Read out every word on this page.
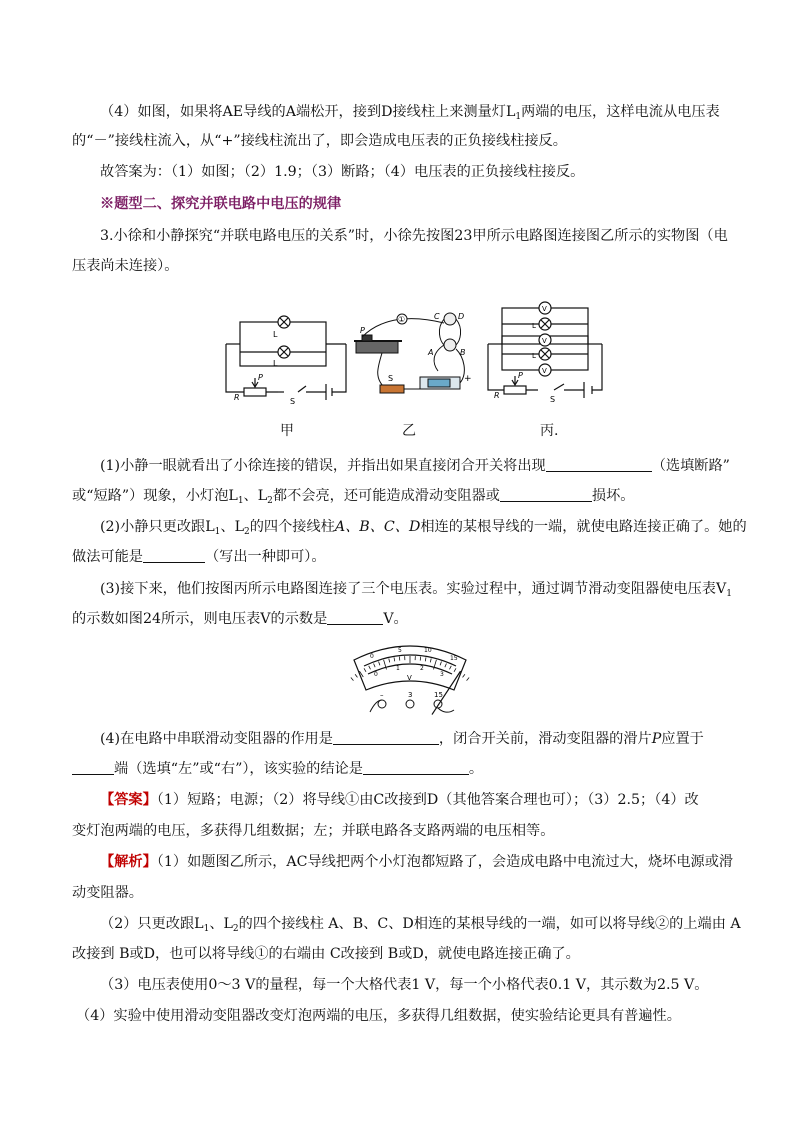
（4）如图，如果将AE导线的A端松开，接到D接线柱上来测量灯$L_1$两端的电压，这样电流从电压表
的“－”接线柱流入，从“+”接线柱流出了，即会造成电压表的正负接线柱接反。
故答案为：（1）如图；（2）1.9；（3）断路；（4）电压表的正负接线柱接反。
※题型二、探究并联电路中电压的规律
3.小徐和小静探究“并联电路电压的关系”时，小徐先按图23甲所示电路图连接图乙所示的实物图（电
压表尚未连接）。
L
L
P
R	S
①	C D
A	B
P
S	+
V
V
V
L
L
P
R	S
甲	乙	丙.
(1)小静一眼就看出了小徐连接的错误，并指出如果直接闭合开关将出现	（选填断路”
或“短路”）现象，小灯泡$L_1$、$L_2$都不会亮，还可能造成滑动变阻器或	损坏。
(2)小静只更改跟$L_1$、$L_2$的四个接线柱A、B、C、D相连的某根导线的一端，就使电路连接正确了。她的
做法可能是	（写出一种即可）。
(3)接下来，他们按图丙所示电路图连接了三个电压表。实验过程中，通过调节滑动变阻器使电压表$V_1$
的示数如图24所示，则电压表V的示数是	V。
0
5	10
15
0
1	2
3
V
–	3	15
(4)在电路中串联滑动变阻器的作用是	，闭合开关前，滑动变阻器的滑片P应置于
端（选填“左”或“右”），该实验的结论是	。
【答案】（1）短路；电源；（2）将导线①由C改接到D（其他答案合理也可）；（3）2.5；（4）改
变灯泡两端的电压，多获得几组数据；左；并联电路各支路两端的电压相等。
【解析】（1）如题图乙所示，AC导线把两个小灯泡都短路了，会造成电路中电流过大，烧坏电源或滑
动变阻器。
（2）只更改跟$L_1$、$L_2$的四个接线柱 A、B、C、D相连的某根导线的一端，如可以将导线②的上端由 A
改接到 B或D，也可以将导线①的右端由 C改接到 B或D，就使电路连接正确了。
（3）电压表使用0～3 V的量程，每一个大格代表1 V，每一个小格代表0.1 V，其示数为2.5 V。
（4）实验中使用滑动变阻器改变灯泡两端的电压，多获得几组数据，使实验结论更具有普遍性。
